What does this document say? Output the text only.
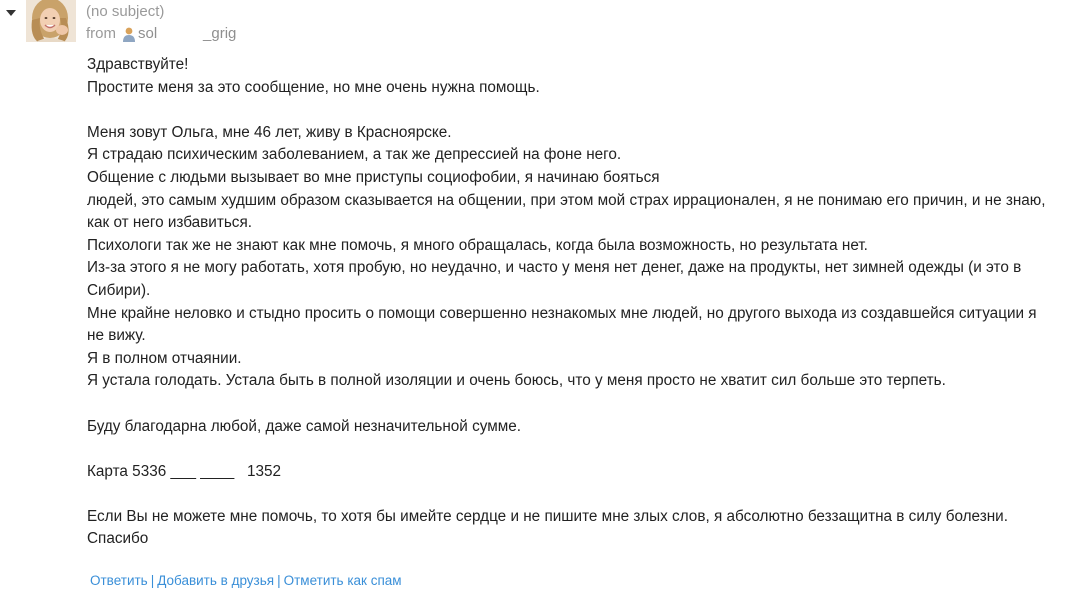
(no subject)
from sol           _grig

Здравствуйте!

Простите меня за это сообщение, но мне очень нужна помощь.

Меня зовут Ольга, мне 46 лет, живу в Красноярске.

Я страдаю психическим заболеванием, а так же депрессией на фоне него.

Общение с людьми вызывает во мне приступы социофобии, я начинаю бояться

людей, это самым худшим образом сказывается на общении, при этом мой страх иррационален, я не понимаю его причин, и не знаю, как от него избавиться.

Психологи так же не знают как мне помочь, я много обращалась, когда была возможность, но результата нет.

Из-за этого я не могу работать, хотя пробую, но неудачно, и часто у меня нет денег, даже на продукты, нет зимней одежды (и это в Сибири).

Мне крайне неловко и стыдно просить о помощи совершенно незнакомых мне людей, но другого выхода из создавшейся ситуации я не вижу.

Я в полном отчаянии.

Я устала голодать. Устала быть в полной изоляции и очень боюсь, что у меня просто не хватит сил больше это терпеть.

Буду благодарна любой, даже самой незначительной сумме.

Карта 5336 ___ ____   1352

Если Вы не можете мне помочь, то хотя бы имейте сердце и не пишите мне злых слов, я абсолютно беззащитна в силу болезни.

Спасибо

Ответить | Добавить в друзья | Отметить как спам
